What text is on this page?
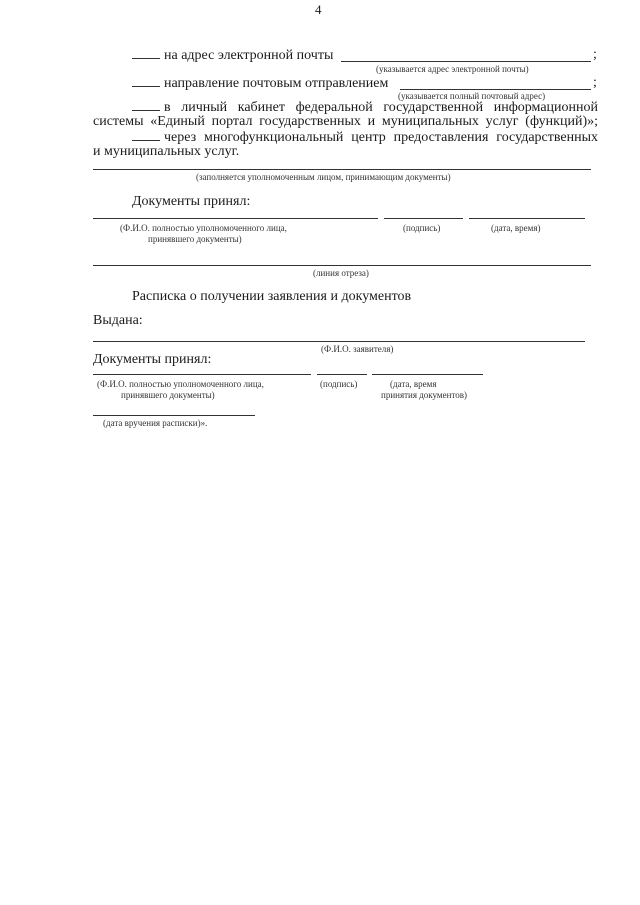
4
на адрес электронной почты	;
(указывается адрес электронной почты)
направление почтовым отправлением	;
(указывается полный почтовый адрес)
в личный кабинет федеральной государственной информационной
системы «Единый портал государственных и муниципальных услуг (функций)»;
через многофункциональный центр предоставления государственных
и муниципальных услуг.
(заполняется уполномоченным лицом, принимающим документы)
Документы принял:
(Ф.И.О. полностью уполномоченного лица,
принявшего документы)
(подпись)	(дата, время)
(линия отреза)
Расписка о получении заявления и документов
Выдана:
(Ф.И.О. заявителя)
Документы принял:
(Ф.И.О. полностью уполномоченного лица,
принявшего документы)
(подпись)	(дата, время
принятия документов)
(дата вручения расписки)».
